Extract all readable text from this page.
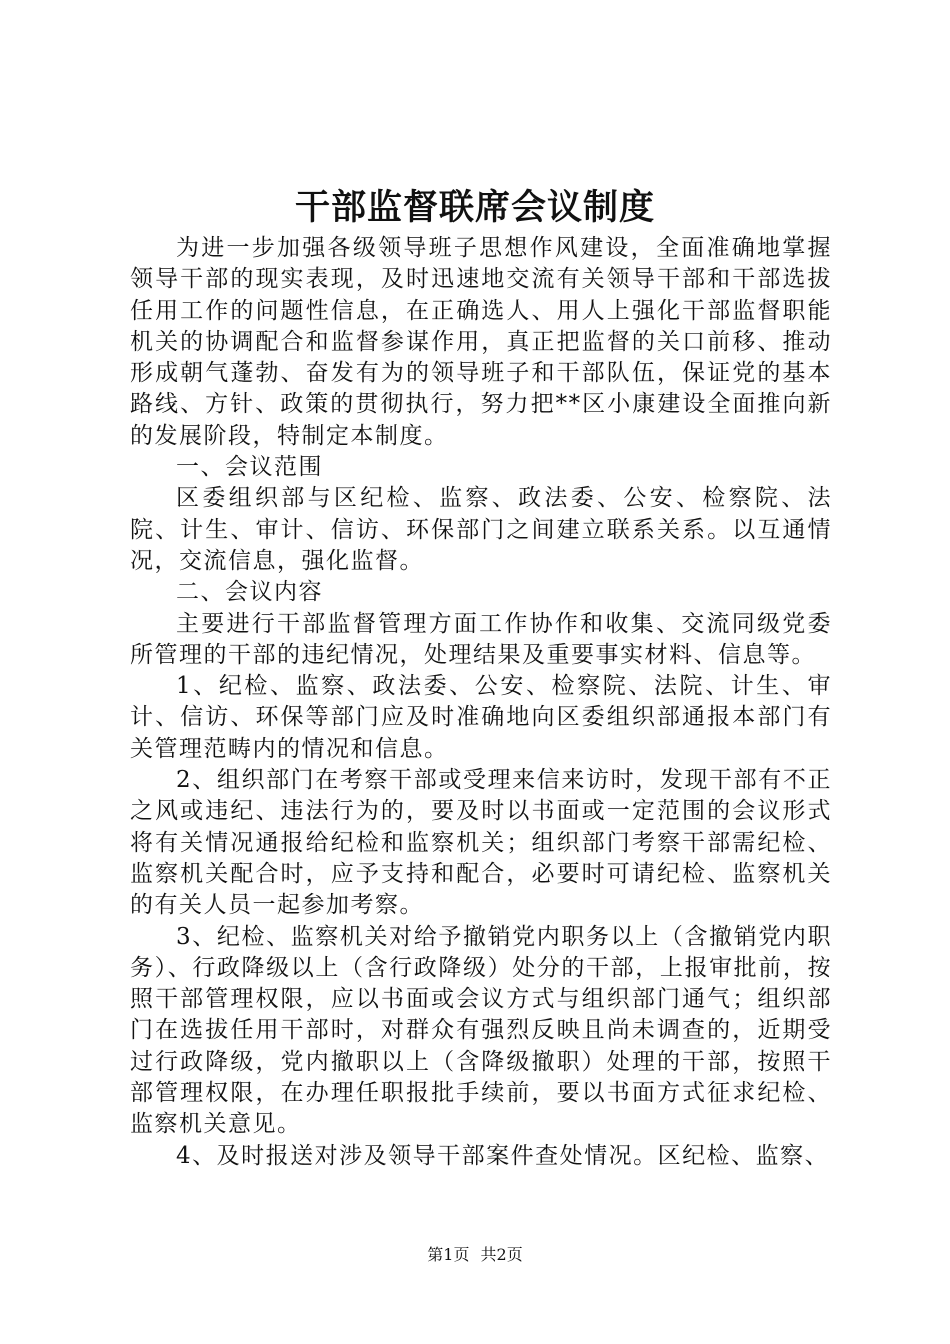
干部监督联席会议制度

为进一步加强各级领导班子思想作风建设，全面准确地掌握领导干部的现实表现，及时迅速地交流有关领导干部和干部选拔任用工作的问题性信息，在正确选人、用人上强化干部监督职能机关的协调配合和监督参谋作用，真正把监督的关口前移、推动形成朝气蓬勃、奋发有为的领导班子和干部队伍，保证党的基本路线、方针、政策的贯彻执行，努力把**区小康建设全面推向新的发展阶段，特制定本制度。

一、会议范围

区委组织部与区纪检、监察、政法委、公安、检察院、法院、计生、审计、信访、环保部门之间建立联系关系。以互通情况，交流信息，强化监督。

二、会议内容

主要进行干部监督管理方面工作协作和收集、交流同级党委所管理的干部的违纪情况，处理结果及重要事实材料、信息等。

1、纪检、监察、政法委、公安、检察院、法院、计生、审计、信访、环保等部门应及时准确地向区委组织部通报本部门有关管理范畴内的情况和信息。

2、组织部门在考察干部或受理来信来访时，发现干部有不正之风或违纪、违法行为的，要及时以书面或一定范围的会议形式将有关情况通报给纪检和监察机关；组织部门考察干部需纪检、监察机关配合时，应予支持和配合，必要时可请纪检、监察机关的有关人员一起参加考察。

3、纪检、监察机关对给予撤销党内职务以上（含撤销党内职务）、行政降级以上（含行政降级）处分的干部，上报审批前，按照干部管理权限，应以书面或会议方式与组织部门通气；组织部门在选拔任用干部时，对群众有强烈反映且尚未调查的，近期受过行政降级，党内撤职以上（含降级撤职）处理的干部，按照干部管理权限，在办理任职报批手续前，要以书面方式征求纪检、监察机关意见。

4、及时报送对涉及领导干部案件查处情况。区纪检、监察、

第1页 共2页
